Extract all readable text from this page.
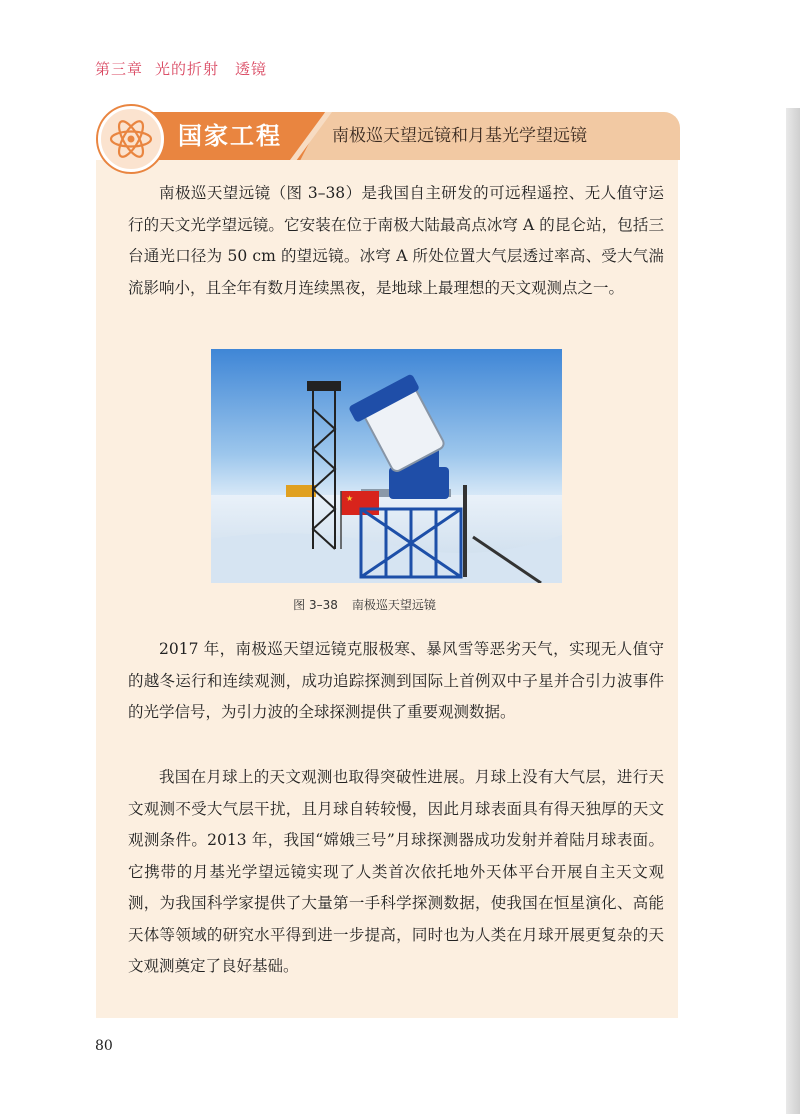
第三章 光的折射　透镜
国家工程	南极巡天望远镜和月基光学望远镜

南极巡天望远镜（图 3–38）是我国自主研发的可远程遥控、无人值守运行的天文光学望远镜。它安装在位于南极大陆最高点冰穹 A 的昆仑站，包括三台通光口径为 50 cm 的望远镜。冰穹 A 所处位置大气层透过率高、受大气湍流影响小，且全年有数月连续黑夜，是地球上最理想的天文观测点之一。

★
图 3–38 南极巡天望远镜

2017 年，南极巡天望远镜克服极寒、暴风雪等恶劣天气，实现无人值守的越冬运行和连续观测，成功追踪探测到国际上首例双中子星并合引力波事件的光学信号，为引力波的全球探测提供了重要观测数据。

我国在月球上的天文观测也取得突破性进展。月球上没有大气层，进行天文观测不受大气层干扰，且月球自转较慢，因此月球表面具有得天独厚的天文观测条件。2013 年，我国“嫦娥三号”月球探测器成功发射并着陆月球表面。它携带的月基光学望远镜实现了人类首次依托地外天体平台开展自主天文观测，为我国科学家提供了大量第一手科学探测数据，使我国在恒星演化、高能天体等领域的研究水平得到进一步提高，同时也为人类在月球开展更复杂的天文观测奠定了良好基础。

80
